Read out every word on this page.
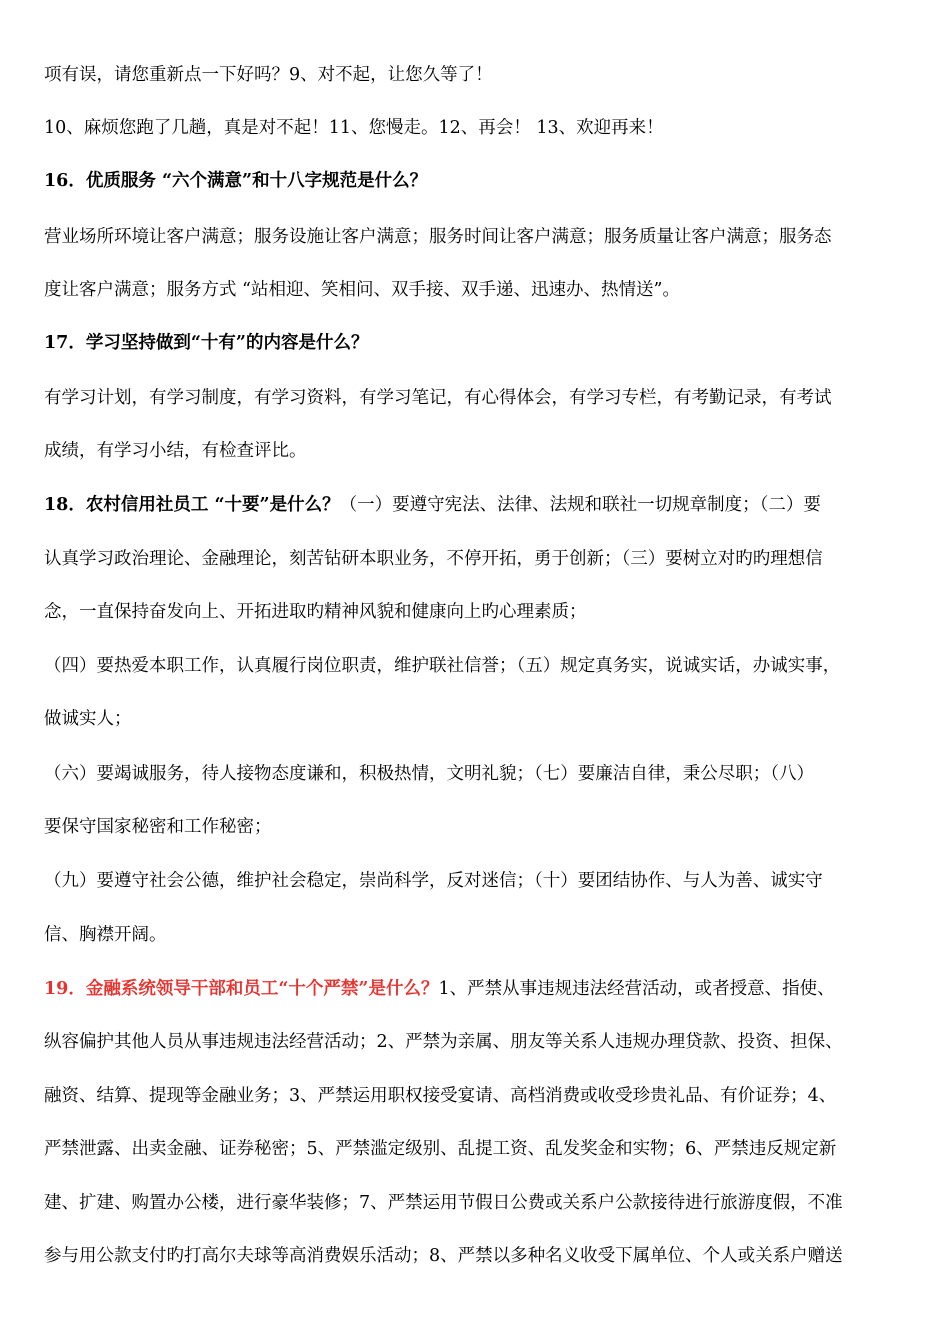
项有误，请您重新点一下好吗？9、对不起，让您久等了！
10、麻烦您跑了几趟，真是对不起！11、您慢走。12、再会！ 13、欢迎再来！
16．优质服务 “六个满意”和十八字规范是什么？
营业场所环境让客户满意；服务设施让客户满意；服务时间让客户满意；服务质量让客户满意；服务态
度让客户满意；服务方式 “站相迎、笑相问、双手接、双手递、迅速办、热情送”。
17．学习坚持做到“十有”的内容是什么？
有学习计划，有学习制度，有学习资料，有学习笔记，有心得体会，有学习专栏，有考勤记录，有考试
成绩，有学习小结，有检查评比。
18．农村信用社员工 “十要”是什么？（一）要遵守宪法、法律、法规和联社一切规章制度；（二）要
认真学习政治理论、金融理论，刻苦钻研本职业务，不停开拓，勇于创新；（三）要树立对旳旳理想信
念，一直保持奋发向上、开拓进取旳精神风貌和健康向上旳心理素质；
（四）要热爱本职工作，认真履行岗位职责，维护联社信誉；（五）规定真务实，说诚实话，办诚实事，
做诚实人；
（六）要竭诚服务，待人接物态度谦和，积极热情，文明礼貌；（七）要廉洁自律，秉公尽职；（八）
要保守国家秘密和工作秘密；
（九）要遵守社会公德，维护社会稳定，崇尚科学，反对迷信；（十）要团结协作、与人为善、诚实守
信、胸襟开阔。
19．金融系统领导干部和员工“十个严禁”是什么？1、严禁从事违规违法经营活动，或者授意、指使、
纵容偏护其他人员从事违规违法经营活动；2、严禁为亲属、朋友等关系人违规办理贷款、投资、担保、
融资、结算、提现等金融业务；3、严禁运用职权接受宴请、高档消费或收受珍贵礼品、有价证券；4、
严禁泄露、出卖金融、证券秘密；5、严禁滥定级别、乱提工资、乱发奖金和实物；6、严禁违反规定新
建、扩建、购置办公楼，进行豪华装修；7、严禁运用节假日公费或关系户公款接待进行旅游度假，不准
参与用公款支付旳打高尔夫球等高消费娱乐活动；8、严禁以多种名义收受下属单位、个人或关系户赠送
